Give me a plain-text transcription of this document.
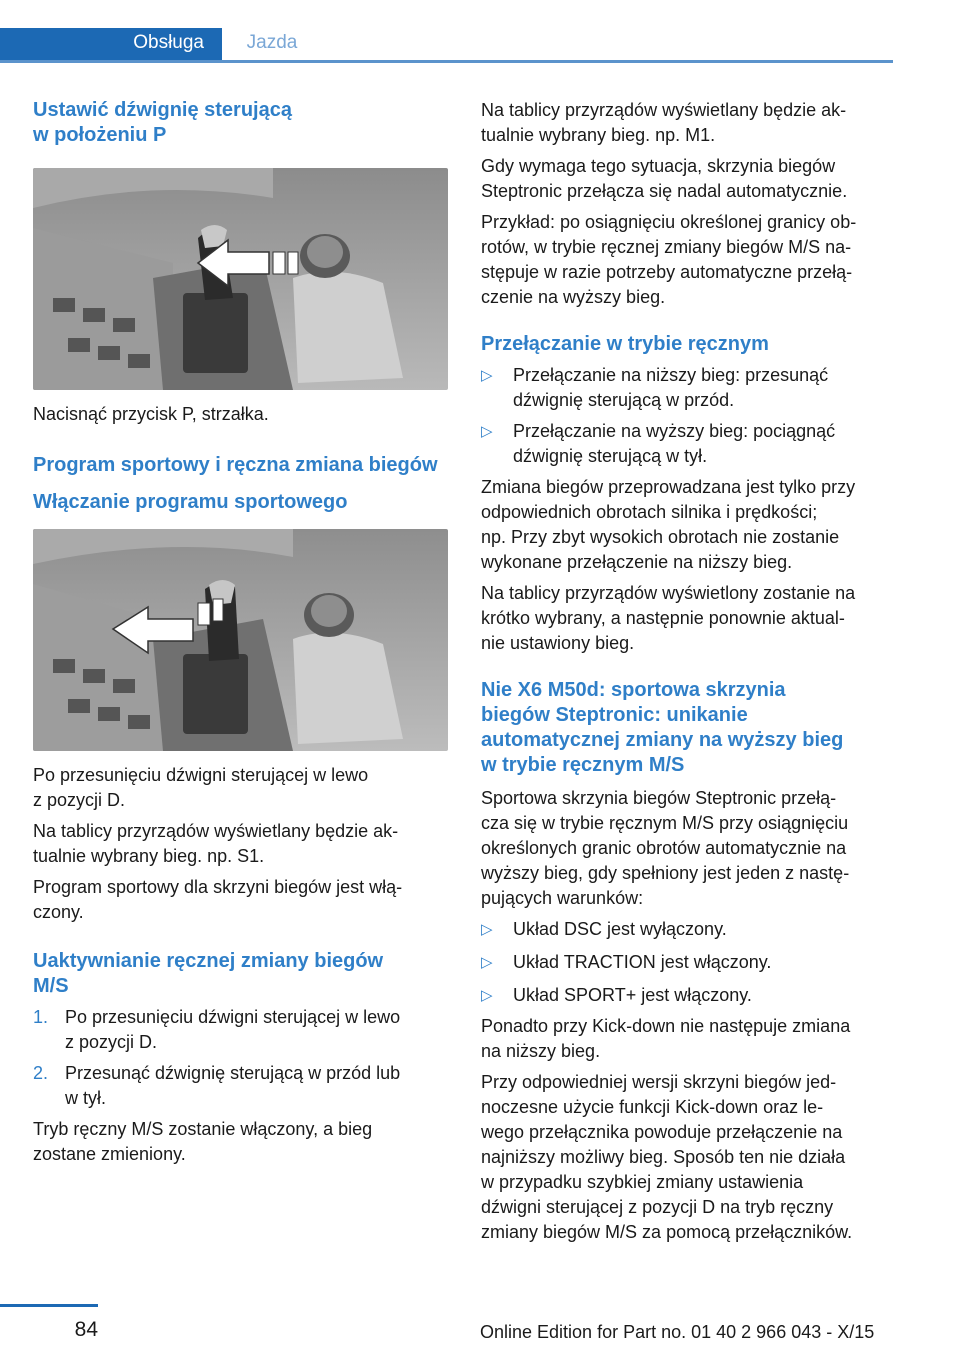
Obsługa	Jazda
Ustawić dźwignię sterującą
w położeniu P

Nacisnąć przycisk P, strzałka.

Program sportowy i ręczna zmiana biegów
Włączanie programu sportowego

Po przesunięciu dźwigni sterującej w lewo
z pozycji D.

Na tablicy przyrządów wyświetlany będzie ak-
tualnie wybrany bieg. np. S1.

Program sportowy dla skrzyni biegów jest włą-
czony.

Uaktywnianie ręcznej zmiany biegów
M/S
1. Po przesunięciu dźwigni sterującej w lewo
z pozycji D.
2. Przesunąć dźwignię sterującą w przód lub
w tył.

Tryb ręczny M/S zostanie włączony, a bieg
zostane zmieniony.

Na tablicy przyrządów wyświetlany będzie ak-
tualnie wybrany bieg. np. M1.

Gdy wymaga tego sytuacja, skrzynia biegów
Steptronic przełącza się nadal automatycznie.

Przykład: po osiągnięciu określonej granicy ob-
rotów, w trybie ręcznej zmiany biegów M/S na-
stępuje w razie potrzeby automatyczne przełą-
czenie na wyższy bieg.

Przełączanie w trybie ręcznym
▷ Przełączanie na niższy bieg: przesunąć
dźwignię sterującą w przód.
▷ Przełączanie na wyższy bieg: pociągnąć
dźwignię sterującą w tył.

Zmiana biegów przeprowadzana jest tylko przy
odpowiednich obrotach silnika i prędkości;
np. Przy zbyt wysokich obrotach nie zostanie
wykonane przełączenie na niższy bieg.

Na tablicy przyrządów wyświetlony zostanie na
krótko wybrany, a następnie ponownie aktual-
nie ustawiony bieg.

Nie X6 M50d: sportowa skrzynia
biegów Steptronic: unikanie
automatycznej zmiany na wyższy bieg
w trybie ręcznym M/S

Sportowa skrzynia biegów Steptronic przełą-
cza się w trybie ręcznym M/S przy osiągnięciu
określonych granic obrotów automatycznie na
wyższy bieg, gdy spełniony jest jeden z nastę-
pujących warunków:

▷ Układ DSC jest wyłączony.
▷ Układ TRACTION jest włączony.
▷ Układ SPORT+ jest włączony.

Ponadto przy Kick-down nie następuje zmiana
na niższy bieg.

Przy odpowiedniej wersji skrzyni biegów jed-
noczesne użycie funkcji Kick-down oraz le-
wego przełącznika powoduje przełączenie na
najniższy możliwy bieg. Sposób ten nie działa
w przypadku szybkiej zmiany ustawienia
dźwigni sterującej z pozycji D na tryb ręczny
zmiany biegów M/S za pomocą przełączników.

84	Online Edition for Part no. 01 40 2 966 043 - X/15
